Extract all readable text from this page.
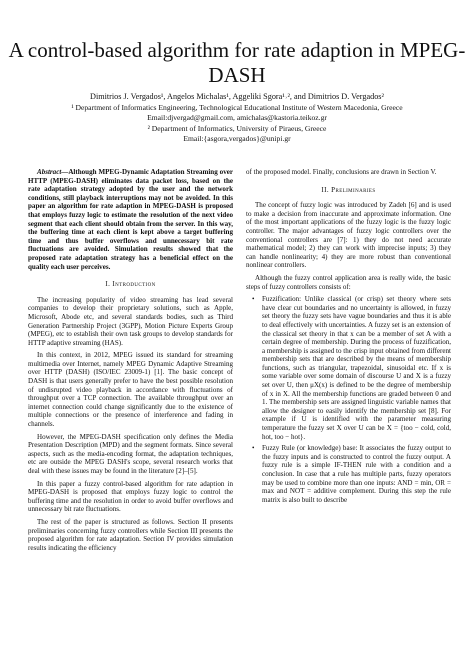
A control-based algorithm for rate adaption in MPEG-DASH
Dimitrios J. Vergados¹, Angelos Michalas¹, Aggeliki Sgora¹˒², and Dimitrios D. Vergados²
¹ Department of Informatics Engineering, Technological Educational Institute of Western Macedonia, Greece
Email:djvergad@gmail.com, amichalas@kastoria.teikoz.gr
² Department of Informatics, University of Piraeus, Greece
Email:{asgora,vergados}@unipi.gr

Abstract—Although MPEG-Dynamic Adaptation Streaming over HTTP (MPEG-DASH) eliminates data packet loss, based on the rate adaptation strategy adopted by the user and the network conditions, still playback interruptions may not be avoided. In this paper an algorithm for rate adaption in MPEG-DASH is proposed that employs fuzzy logic to estimate the resolution of the next video segment that each client should obtain from the server. In this way, the buffering time at each client is kept above a target buffering time and thus buffer overflows and unnecessary bit rate fluctuations are avoided. Simulation results showed that the proposed rate adaptation strategy has a beneficial effect on the quality each user perceives.

I. Introduction

The increasing popularity of video streaming has lead several companies to develop their proprietary solutions, such as Apple, Microsoft, Abode etc, and several standards bodies, such as Third Generation Partnership Project (3GPP), Motion Picture Experts Group (MPEG), etc to establish their own task groups to develop standards for HTTP adaptive streaming (HAS).

In this context, in 2012, MPEG issued its standard for streaming multimedia over Internet, namely MPEG Dynamic Adaptive Streaming over HTTP (DASH) (ISO/IEC 23009-1) [1]. The basic concept of DASH is that users generally prefer to have the best possible resolution of undisrupted video playback in accordance with fluctuations of throughput over a TCP connection. The available throughput over an internet connection could change significantly due to the existence of multiple connections or the presence of interference and fading in channels.

However, the MPEG-DASH specification only defines the Media Presentation Description (MPD) and the segment formats. Since several aspects, such as the media-encoding format, the adaptation techniques, etc are outside the MPEG DASH's scope, several research works that deal with these issues may be found in the literature [2]–[5].

In this paper a fuzzy control-based algorithm for rate adaption in MPEG-DASH is proposed that employs fuzzy logic to control the buffering time and the resolution in order to avoid buffer overflows and unnecessary bit rate fluctuations.

The rest of the paper is structured as follows. Section II presents preliminaries concerning fuzzy controllers while Section III presents the proposed algorithm for rate adaptation. Section IV provides simulation results indicating the efficiency

of the proposed model. Finally, conclusions are drawn in Section V.

II. Preliminaries

The concept of fuzzy logic was introduced by Zadeh [6] and is used to make a decision from inaccurate and approximate information. One of the most important applications of the fuzzy logic is the fuzzy logic controller. The major advantages of fuzzy logic controllers over the conventional controllers are [7]: 1) they do not need accurate mathematical model; 2) they can work with imprecise inputs; 3) they can handle nonlinearity; 4) they are more robust than conventional nonlinear controllers.

Although the fuzzy control application area is really wide, the basic steps of fuzzy controllers consists of:

• Fuzzification: Unlike classical (or crisp) set theory where sets have clear cut boundaries and no uncertainty is allowed, in fuzzy set theory the fuzzy sets have vague boundaries and thus it is able to deal effectively with uncertainties. A fuzzy set is an extension of the classical set theory in that x can be a member of set A with a certain degree of membership. During the process of fuzzification, a membership is assigned to the crisp input obtained from different membership sets that are described by the means of membership functions, such as triangular, trapezoidal, sinusoidal etc. If x is some variable over some domain of discourse U and X is a fuzzy set over U, then μX(x) is defined to be the degree of membership of x in X. All the membership functions are graded between 0 and 1. The membership sets are assigned linguistic variable names that allow the designer to easily identify the membership set [8]. For example if U is identified with the parameter measuring temperature the fuzzy set X over U can be X = {too − cold, cold, hot, too − hot}.
• Fuzzy Rule (or knowledge) base: It associates the fuzzy output to the fuzzy inputs and is constructed to control the fuzzy output. A fuzzy rule is a simple IF-THEN rule with a condition and a conclusion. In case that a rule has multiple parts, fuzzy operators may be used to combine more than one inputs: AND = min, OR = max and NOT = additive complement. During this step the rule matrix is also built to describe
